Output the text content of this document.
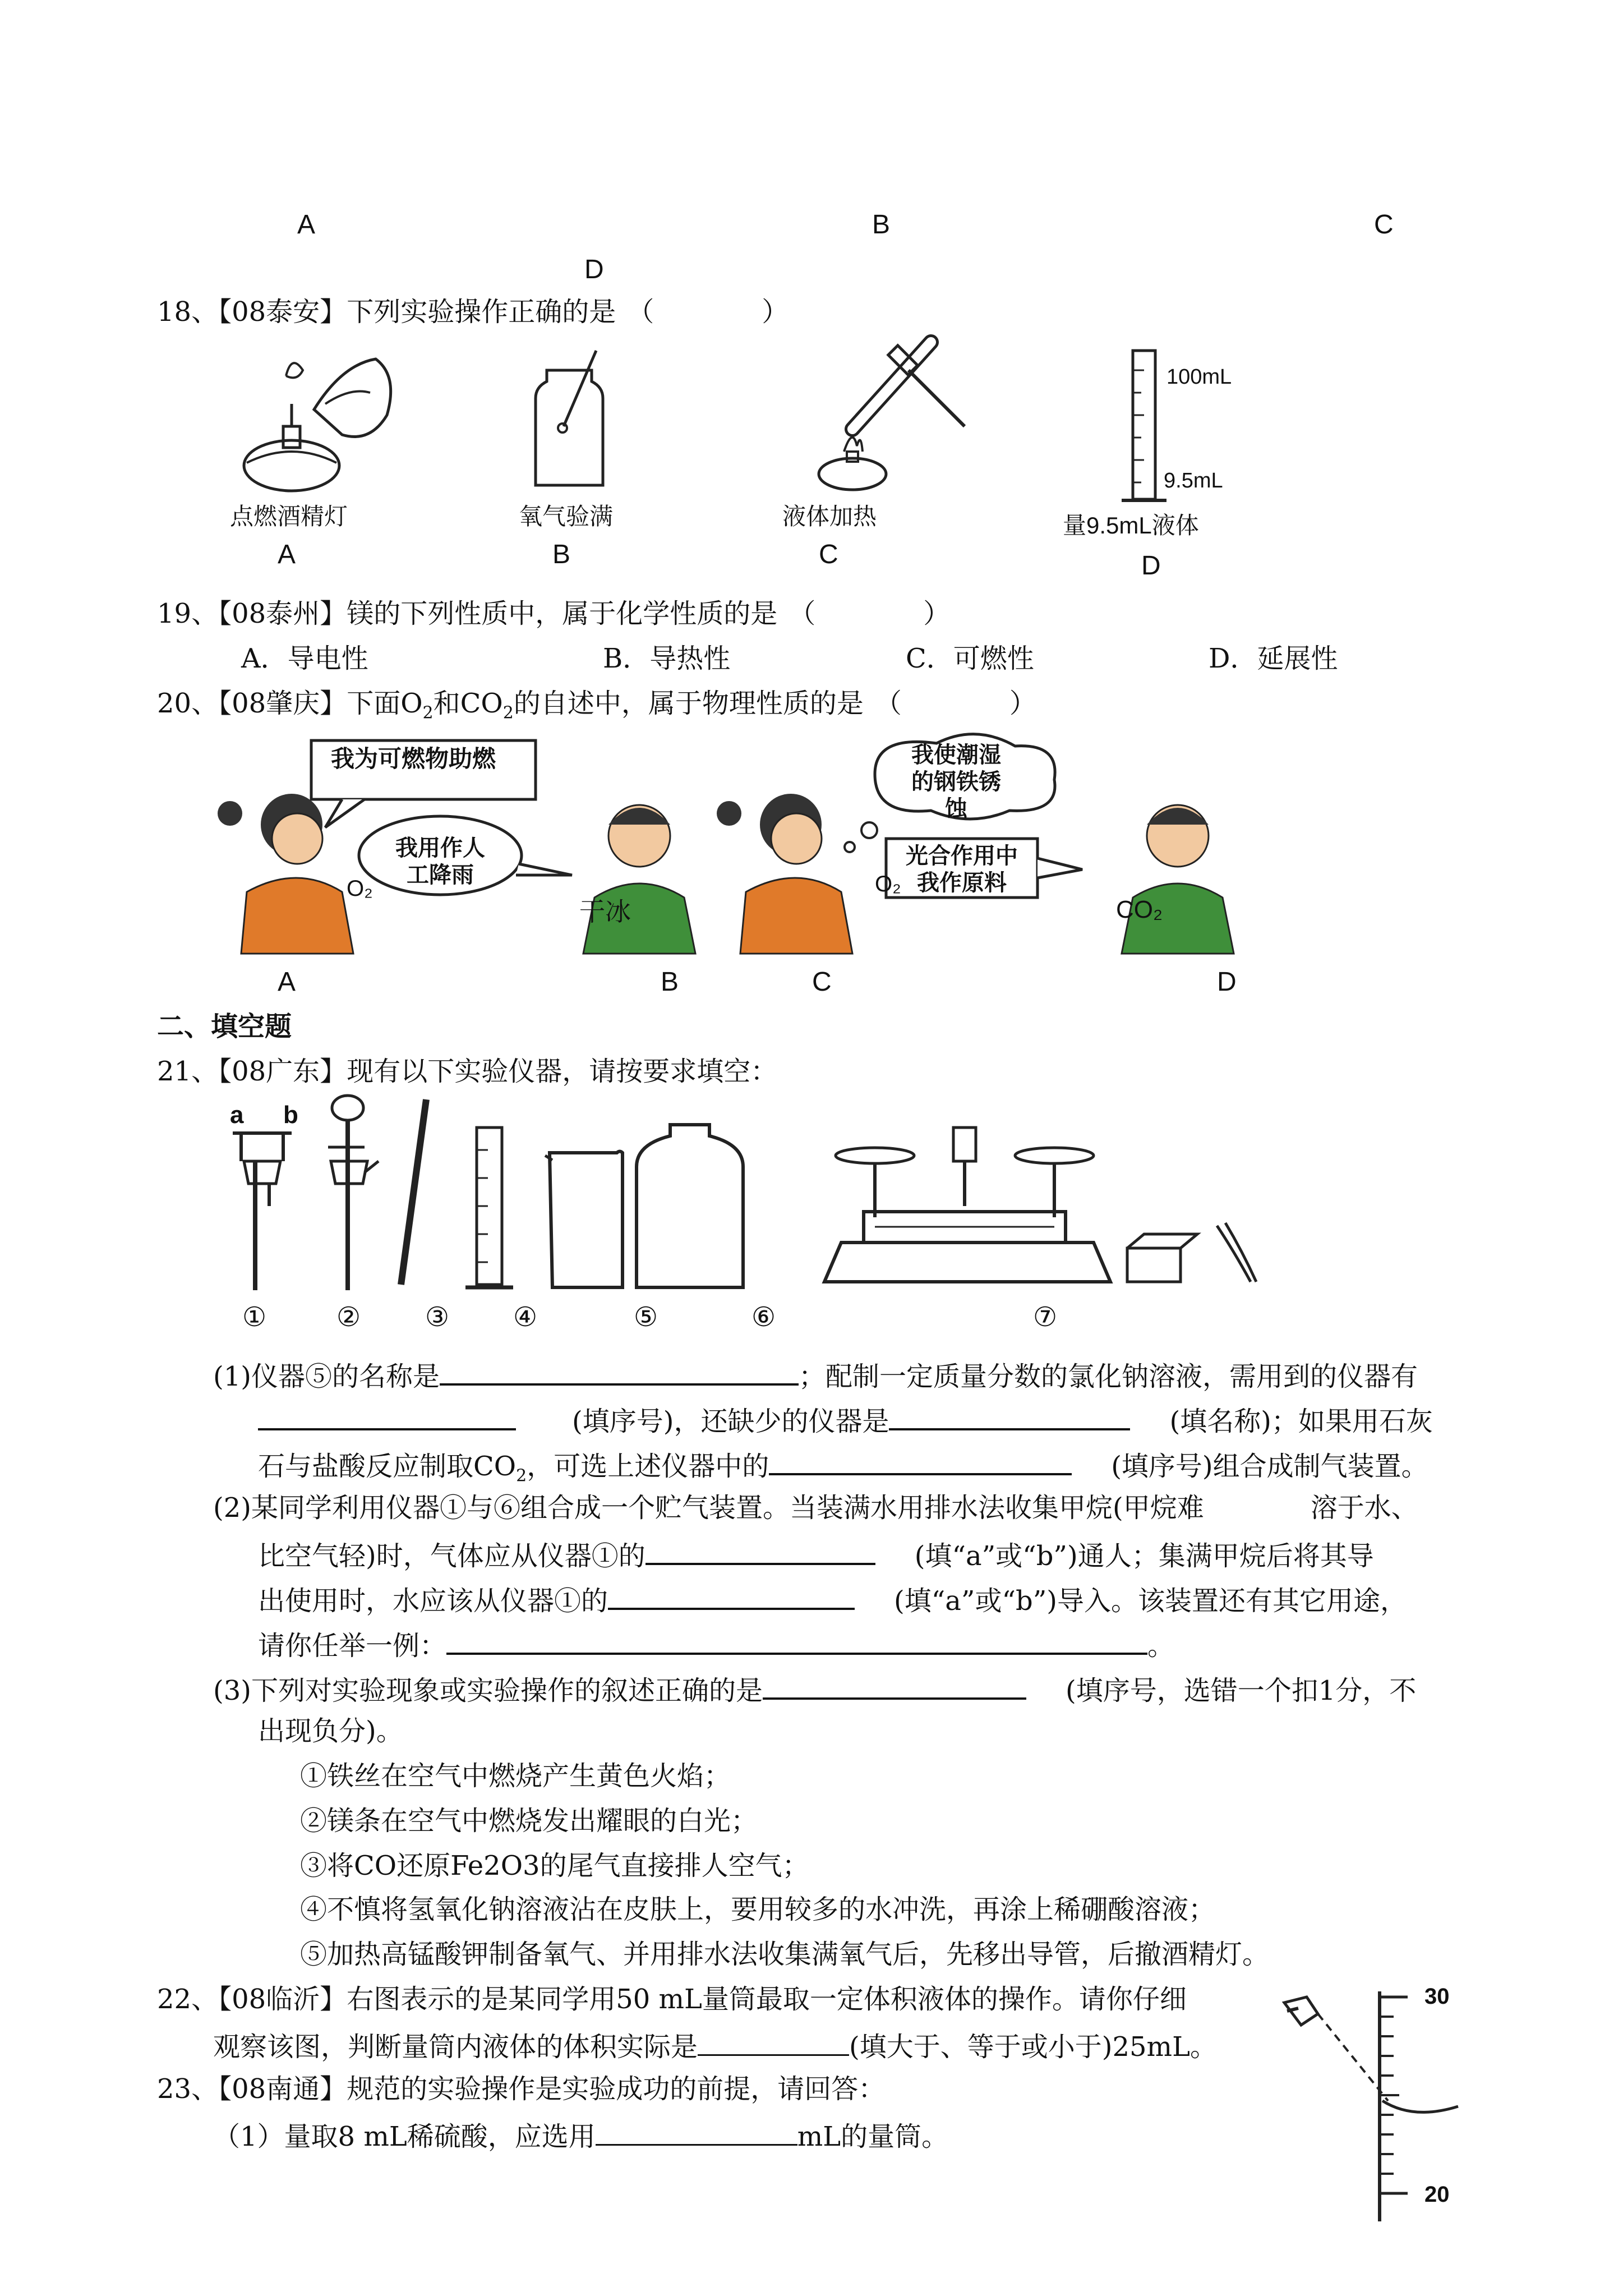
A	B	C
D
18、【08泰安】下列实验操作正确的是 （　　　　）
点燃酒精灯
A
氧气验满
B
液体加热
C
100mL
9.5mL
量9.5mL液体
D
19、【08泰州】镁的下列性质中，属于化学性质的是 （　　　　）
A．导电性	B．导热性	C．可燃性	D．延展性
20、【08肇庆】下面$O_2$和$CO_2$的自述中，属于物理性质的是 （　　　　）
我为可燃物助燃
我用作人工降雨
我使潮湿的钢铁锈蚀
光合作用中我作原料
O₂
干冰
O₂
CO₂
A	B	C	D
二、填空题
21、【08广东】现有以下实验仪器，请按要求填空：
a b
①	② ③ ④	⑤	⑥	⑦
(1)仪器⑤的名称是	；配制一定质量分数的氯化钠溶液，需用到的仪器有
(填序号)，还缺少的仪器是	(填名称)；如果用石灰
石与盐酸反应制取$CO_2$，可选上述仪器中的	(填序号)组合成制气装置。
(2)某同学利用仪器①与⑥组合成一个贮气装置。当装满水用排水法收集甲烷(甲烷难	溶于水、
比空气轻)时，气体应从仪器①的	(填“a”或“b”)通人；集满甲烷后将其导
出使用时，水应该从仪器①的	(填“a”或“b”)导入。该装置还有其它用途，
请你任举一例：	。
(3)下列对实验现象或实验操作的叙述正确的是	(填序号，选错一个扣1分，不
出现负分)。
①铁丝在空气中燃烧产生黄色火焰；
②镁条在空气中燃烧发出耀眼的白光；
③将CO还原Fe2O3的尾气直接排人空气；
④不慎将氢氧化钠溶液沾在皮肤上，要用较多的水冲洗，再涂上稀硼酸溶液；
⑤加热高锰酸钾制备氧气、并用排水法收集满氧气后，先移出导管，后撤酒精灯。
22、【08临沂】右图表示的是某同学用50 mL量筒最取一定体积液体的操作。请你仔细
观察该图，判断量筒内液体的体积实际是	(填大于、等于或小于)25mL。
30
20
23、【08南通】规范的实验操作是实验成功的前提，请回答：
（1）量取8 mL稀硫酸，应选用	mL的量筒。
